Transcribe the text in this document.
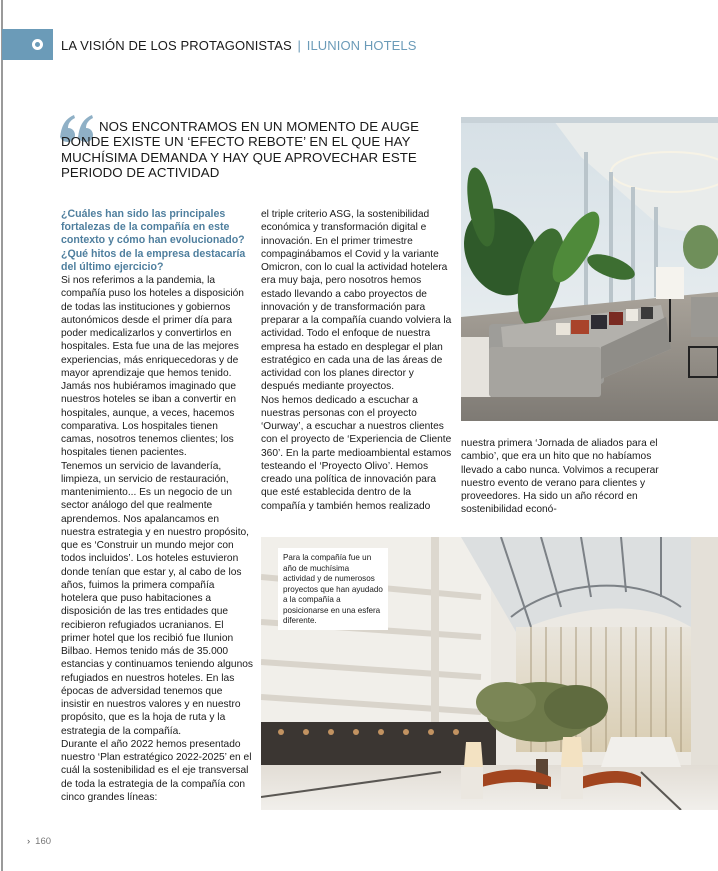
LA VISIÓN DE LOS PROTAGONISTAS | ILUNION HOTELS
NOS ENCONTRAMOS EN UN MOMENTO DE AUGE DONDE EXISTE UN ‘EFECTO REBOTE’ EN EL QUE HAY MUCHÍSIMA DEMANDA Y HAY QUE APROVECHAR ESTE PERIODO DE ACTIVIDAD

¿Cuáles han sido las principales fortalezas de la compañía en este contexto y cómo han evolucionado? ¿Qué hitos de la empresa destacaría del último ejercicio?

Si nos referimos a la pandemia, la compañía puso los hoteles a disposición de todas las instituciones y gobiernos autonómicos desde el primer día para poder medicalizarlos y convertirlos en hospitales. Esta fue una de las mejores experiencias, más enriquecedoras y de mayor aprendizaje que hemos tenido. Jamás nos hubiéramos imaginado que nuestros hoteles se iban a convertir en hospitales, aunque, a veces, hacemos comparativa. Los hospitales tienen camas, nosotros tenemos clientes; los hospitales tienen pacientes.

Tenemos un servicio de lavandería, limpieza, un servicio de restauración, mantenimiento... Es un negocio de un sector análogo del que realmente aprendemos. Nos apalancamos en nuestra estrategia y en nuestro propósito, que es ‘Construir un mundo mejor con todos incluidos’. Los hoteles estuvieron donde tenían que estar y, al cabo de los años, fuimos la primera compañía hotelera que puso habitaciones a disposición de las tres entidades que recibieron refugiados ucranianos. El primer hotel que los recibió fue Ilunion Bilbao. Hemos tenido más de 35.000 estancias y continuamos teniendo algunos refugiados en nuestros hoteles. En las épocas de adversidad tenemos que insistir en nuestros valores y en nuestro propósito, que es la hoja de ruta y la estrategia de la compañía.

Durante el año 2022 hemos presentado nuestro ‘Plan estratégico 2022-2025’ en el cuál la sostenibilidad es el eje transversal de toda la estrategia de la compañía con cinco grandes líneas:

el triple criterio ASG, la sostenibilidad económica y transformación digital e innovación. En el primer trimestre compaginábamos el Covid y la variante Omicron, con lo cual la actividad hotelera era muy baja, pero nosotros hemos estado llevando a cabo proyectos de innovación y de transformación para preparar a la compañía cuando volviera la actividad. Todo el enfoque de nuestra empresa ha estado en desplegar el plan estratégico en cada una de las áreas de actividad con los planes director y después mediante proyectos.

Nos hemos dedicado a escuchar a nuestras personas con el proyecto ‘Ourway’, a escuchar a nuestros clientes con el proyecto de ‘Experiencia de Cliente 360’. En la parte medioambiental estamos testeando el ‘Proyecto Olivo’. Hemos creado una política de innovación para que esté establecida dentro de la compañía y también hemos realizado

nuestra primera ‘Jornada de aliados para el cambio’, que era un hito que no habíamos llevado a cabo nunca. Volvimos a recuperar nuestro evento de verano para clientes y proveedores. Ha sido un año récord en sostenibilidad econó-

Para la compañía fue un año de muchísima actividad y de numerosos proyectos que han ayudado a la compañía a posicionarse en una esfera diferente.
› 160
